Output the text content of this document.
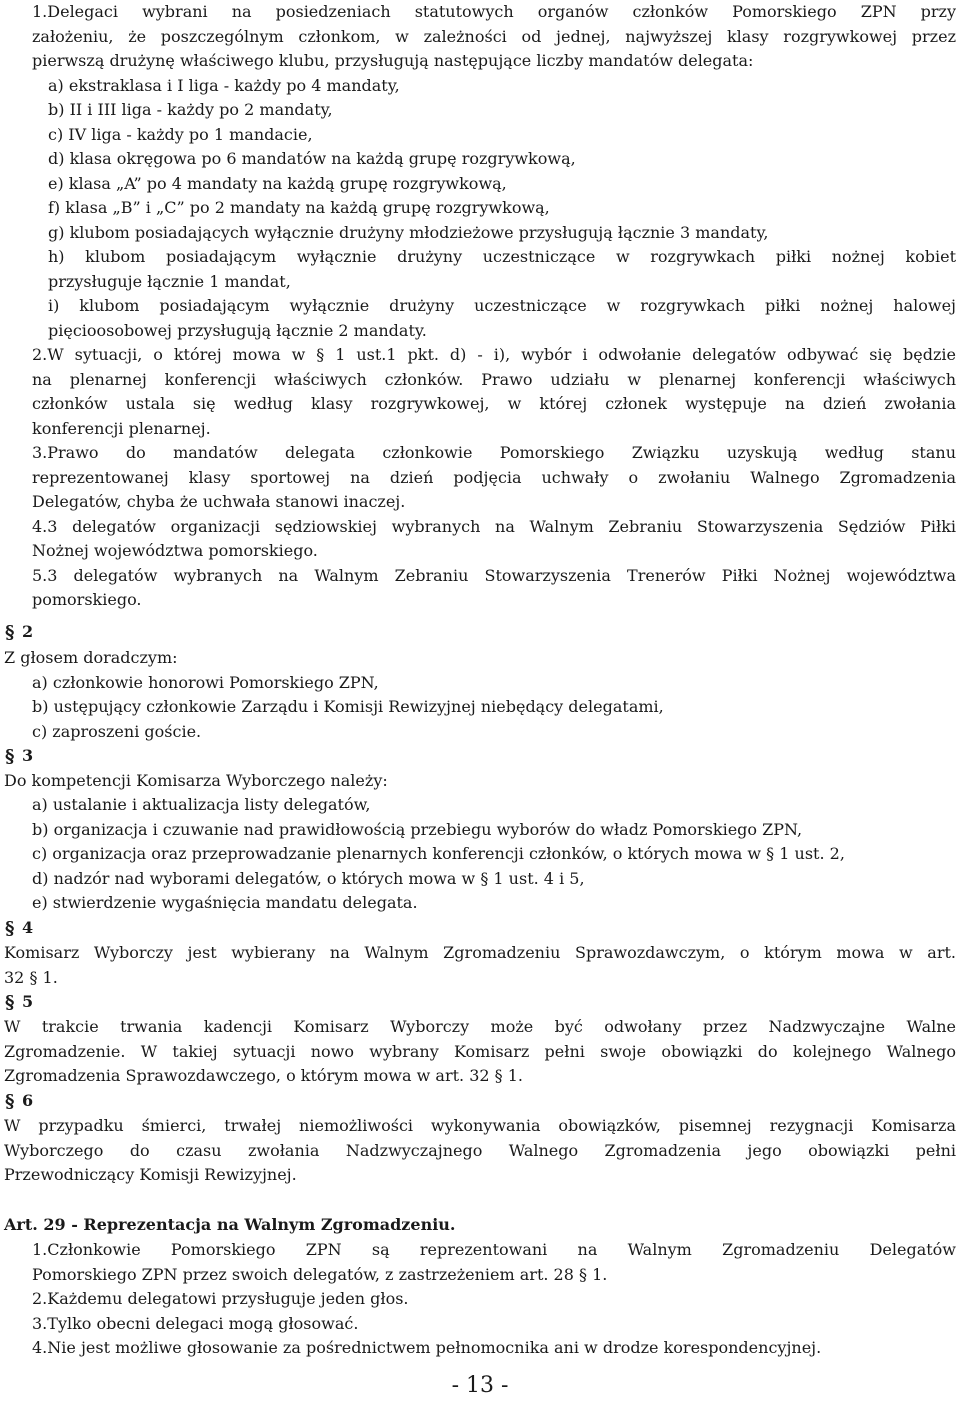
1.Delegaci wybrani na posiedzeniach statutowych organów członków Pomorskiego ZPN przy
założeniu, że poszczególnym członkom, w zależności od jednej, najwyższej klasy rozgrywkowej przez
pierwszą drużynę właściwego klubu, przysługują następujące liczby mandatów delegata:
a) ekstraklasa i I liga - każdy po 4 mandaty,
b) II i III liga - każdy po 2 mandaty,
c) IV liga - każdy po 1 mandacie,
d) klasa okręgowa po 6 mandatów na każdą grupę rozgrywkową,
e) klasa „A” po 4 mandaty na każdą grupę rozgrywkową,
f) klasa „B” i „C” po 2 mandaty na każdą grupę rozgrywkową,
g) klubom posiadających wyłącznie drużyny młodzieżowe przysługują łącznie 3 mandaty,
h) klubom posiadającym wyłącznie drużyny uczestniczące w rozgrywkach piłki nożnej kobiet
przysługuje łącznie 1 mandat,
i) klubom posiadającym wyłącznie drużyny uczestniczące w rozgrywkach piłki nożnej halowej
pięcioosobowej przysługują łącznie 2 mandaty.
2.W sytuacji, o której mowa w § 1 ust.1 pkt. d) - i), wybór i odwołanie delegatów odbywać się będzie
na plenarnej konferencji właściwych członków. Prawo udziału w plenarnej konferencji właściwych
członków ustala się według klasy rozgrywkowej, w której członek występuje na dzień zwołania
konferencji plenarnej.
3.Prawo do mandatów delegata członkowie Pomorskiego Związku uzyskują według stanu
reprezentowanej klasy sportowej na dzień podjęcia uchwały o zwołaniu Walnego Zgromadzenia
Delegatów, chyba że uchwała stanowi inaczej.
4.3 delegatów organizacji sędziowskiej wybranych na Walnym Zebraniu Stowarzyszenia Sędziów Piłki
Nożnej województwa pomorskiego.
5.3 delegatów wybranych na Walnym Zebraniu Stowarzyszenia Trenerów Piłki Nożnej województwa
pomorskiego.
§ 2
Z głosem doradczym:
a) członkowie honorowi Pomorskiego ZPN,
b) ustępujący członkowie Zarządu i Komisji Rewizyjnej niebędący delegatami,
c) zaproszeni goście.
§ 3
Do kompetencji Komisarza Wyborczego należy:
a) ustalanie i aktualizacja listy delegatów,
b) organizacja i czuwanie nad prawidłowością przebiegu wyborów do władz Pomorskiego ZPN,
c) organizacja oraz przeprowadzanie plenarnych konferencji członków, o których mowa w § 1 ust. 2,
d) nadzór nad wyborami delegatów, o których mowa w § 1 ust. 4 i 5,
e) stwierdzenie wygaśnięcia mandatu delegata.
§ 4
Komisarz Wyborczy jest wybierany na Walnym Zgromadzeniu Sprawozdawczym, o którym mowa w art.
32 § 1.
§ 5
W trakcie trwania kadencji Komisarz Wyborczy może być odwołany przez Nadzwyczajne Walne
Zgromadzenie. W takiej sytuacji nowo wybrany Komisarz pełni swoje obowiązki do kolejnego Walnego
Zgromadzenia Sprawozdawczego, o którym mowa w art. 32 § 1.
§ 6
W przypadku śmierci, trwałej niemożliwości wykonywania obowiązków, pisemnej rezygnacji Komisarza
Wyborczego do czasu zwołania Nadzwyczajnego Walnego Zgromadzenia jego obowiązki pełni
Przewodniczący Komisji Rewizyjnej.
Art. 29 - Reprezentacja na Walnym Zgromadzeniu.
1.Członkowie Pomorskiego ZPN są reprezentowani na Walnym Zgromadzeniu Delegatów
Pomorskiego ZPN przez swoich delegatów, z zastrzeżeniem art. 28 § 1.
2.Każdemu delegatowi przysługuje jeden głos.
3.Tylko obecni delegaci mogą głosować.
4.Nie jest możliwe głosowanie za pośrednictwem pełnomocnika ani w drodze korespondencyjnej.
- 13 -
